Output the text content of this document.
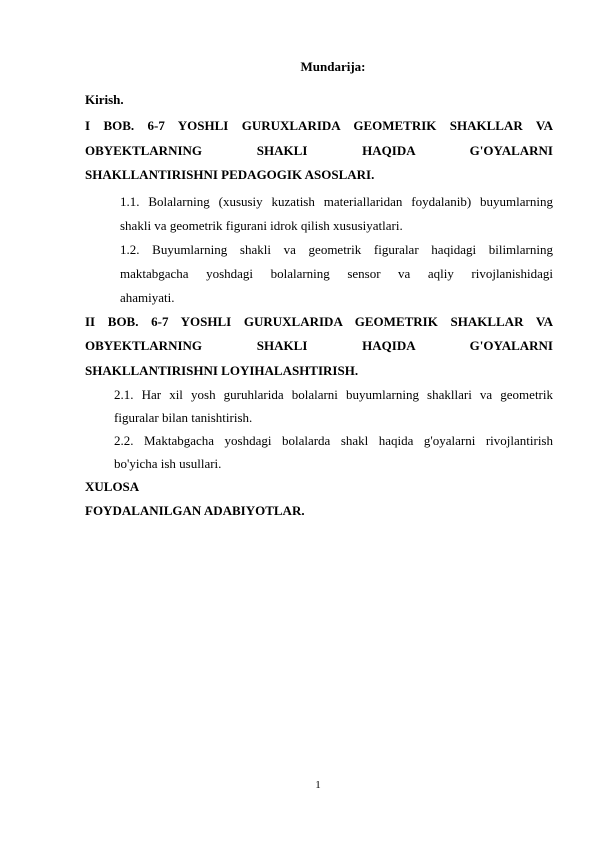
Mundarija:
Kirish.
I BOB. 6-7 YOSHLI GURUXLARIDA GEOMETRIK SHAKLLAR VA
OBYEKTLARNING SHAKLI HAQIDA G'OYALARNI
SHAKLLANTIRISHNI PEDAGOGIK ASOSLARI.
1.1. Bolalarning (xususiy kuzatish materiallaridan foydalanib) buyumlarning
shakli va geometrik figurani idrok qilish xususiyatlari.
1.2. Buyumlarning shakli va geometrik figuralar haqidagi bilimlarning
maktabgacha yoshdagi bolalarning sensor va aqliy rivojlanishidagi
ahamiyati.
II BOB. 6-7 YOSHLI GURUXLARIDA GEOMETRIK SHAKLLAR VA
OBYEKTLARNING SHAKLI HAQIDA G'OYALARNI
SHAKLLANTIRISHNI LOYIHALASHTIRISH.
2.1. Har xil yosh guruhlarida bolalarni buyumlarning shakllari va geometrik
figuralar bilan tanishtirish.
2.2. Maktabgacha yoshdagi bolalarda shakl haqida g'oyalarni rivojlantirish
bo'yicha ish usullari.
XULOSA
FOYDALANILGAN ADABIYOTLAR.
1
